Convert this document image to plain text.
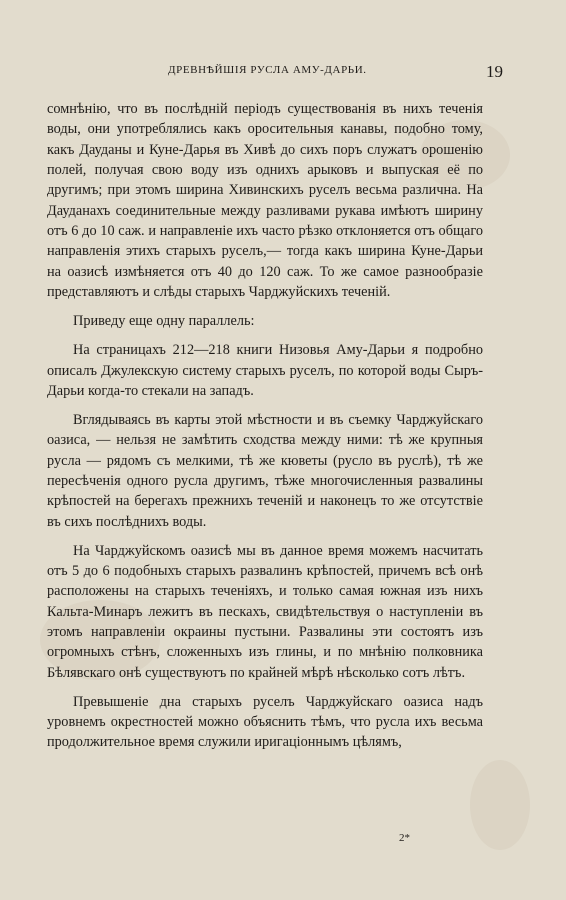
ДРЕВНѢЙШІЯ РУСЛА АМУ-ДАРЬИ.	19

сомнѣнію, что въ послѣдній періодъ существованія въ нихъ теченія воды, они употреблялись какъ оросительныя канавы, подобно тому, какъ Дауданы и Куне-Дарья въ Хивѣ до сихъ поръ служатъ орошенію полей, получая свою воду изъ однихъ арыковъ и выпуская её по другимъ; при этомъ ширина Хивинскихъ руселъ весьма различна. На Дауданахъ соединительные между разливами рукава имѣютъ ширину отъ 6 до 10 саж. и направленіе ихъ часто рѣзко отклоняется отъ общаго направленія этихъ старыхъ руселъ,— тогда какъ ширина Куне-Дарьи на оазисѣ измѣняется отъ 40 до 120 саж. То же самое разнообразіе представляютъ и слѣды старыхъ Чарджуйскихъ теченій.

Приведу еще одну параллель:

На страницахъ 212—218 книги Низовья Аму-Дарьи я подробно описалъ Джулекскую систему старыхъ руселъ, по которой воды Сыръ-Дарьи когда-то стекали на западъ.

Вглядываясь въ карты этой мѣстности и въ съемку Чарджуйскаго оазиса, — нельзя не замѣтить сходства между ними: тѣ же крупныя русла — рядомъ съ мелкими, тѣ же кюветы (русло въ руслѣ), тѣ же пересѣченія одного русла другимъ, тѣже многочисленныя развалины крѣпостей на берегахъ прежнихъ теченій и наконецъ то же отсутствіе въ сихъ послѣднихъ воды.

На Чарджуйскомъ оазисѣ мы въ данное время можемъ насчитать отъ 5 до 6 подобныхъ старыхъ развалинъ крѣпостей, причемъ всѣ онѣ расположены на старыхъ теченіяхъ, и только самая южная изъ нихъ Кальта-Минаръ лежитъ въ пескахъ, свидѣтельствуя о наступленіи въ этомъ направленіи окраины пустыни. Развалины эти состоятъ изъ огромныхъ стѣнъ, сложенныхъ изъ глины, и по мнѣнію полковника Бѣлявскаго онѣ существуютъ по крайней мѣрѣ нѣсколько сотъ лѣтъ.

Превышеніе дна старыхъ руселъ Чарджуйскаго оазиса надъ уровнемъ окрестностей можно объяснить тѣмъ, что русла ихъ весьма продолжительное время служили иригаціоннымъ цѣлямъ,

2*
